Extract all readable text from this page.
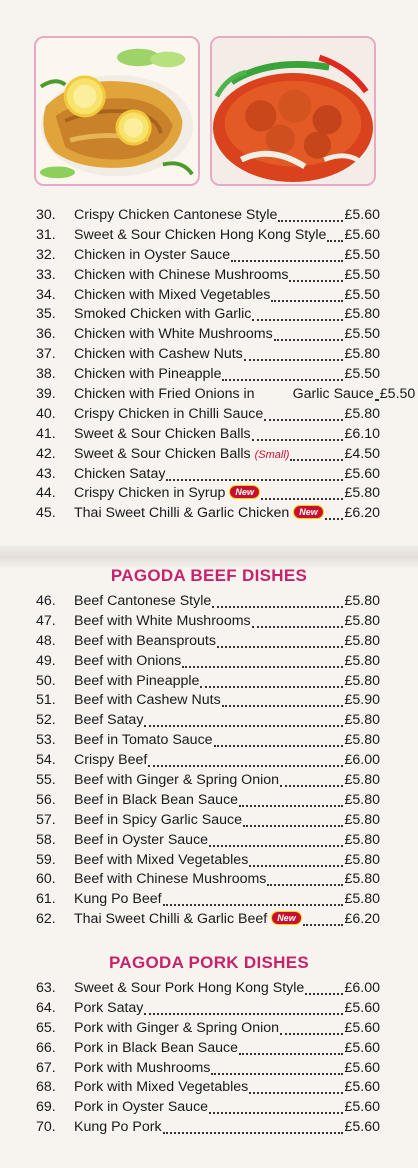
30.	Crispy Chicken Cantonese Style	£5.60
31.	Sweet & Sour Chicken Hong Kong Style £5.60
32.	Chicken in Oyster Sauce	£5.50
33.	Chicken with Chinese Mushrooms	£5.50
34.	Chicken with Mixed Vegetables	£5.50
35.	Smoked Chicken with Garlic	£5.80
36.	Chicken with White Mushrooms	£5.50
37.	Chicken with Cashew Nuts	£5.80
38.	Chicken with Pineapple	£5.50
39.	Chicken with Fried Onions in	Garlic Sauce £5.50
40.	Crispy Chicken in Chilli Sauce	£5.80
41.	Sweet & Sour Chicken Balls	£6.10
42.	Sweet & Sour Chicken Balls (Small)	£4.50
43.	Chicken Satay	£5.60
44.	Crispy Chicken in Syrup	New	£5.80
45.	Thai Sweet Chilli & Garlic Chicken	New	£6.20
PAGODA BEEF DISHES
46.	Beef Cantonese Style	£5.80
47.	Beef with White Mushrooms	£5.80
48.	Beef with Beansprouts	£5.80
49.	Beef with Onions	£5.80
50.	Beef with Pineapple	£5.80
51.	Beef with Cashew Nuts	£5.90
52.	Beef Satay	£5.80
53.	Beef in Tomato Sauce	£5.80
54.	Crispy Beef	£6.00
55.	Beef with Ginger & Spring Onion	£5.80
56.	Beef in Black Bean Sauce	£5.80
57.	Beef in Spicy Garlic Sauce	£5.80
58.	Beef in Oyster Sauce	£5.80
59.	Beef with Mixed Vegetables	£5.80
60.	Beef with Chinese Mushrooms	£5.80
61.	Kung Po Beef	£5.80
62.	Thai Sweet Chilli & Garlic Beef	New	£6.20
PAGODA PORK DISHES
63.	Sweet & Sour Pork Hong Kong Style	£6.00
64.	Pork Satay	£5.60
65.	Pork with Ginger & Spring Onion	£5.60
66.	Pork in Black Bean Sauce	£5.60
67.	Pork with Mushrooms	£5.60
68.	Pork with Mixed Vegetables	£5.60
69.	Pork in Oyster Sauce	£5.60
70.	Kung Po Pork	£5.60
